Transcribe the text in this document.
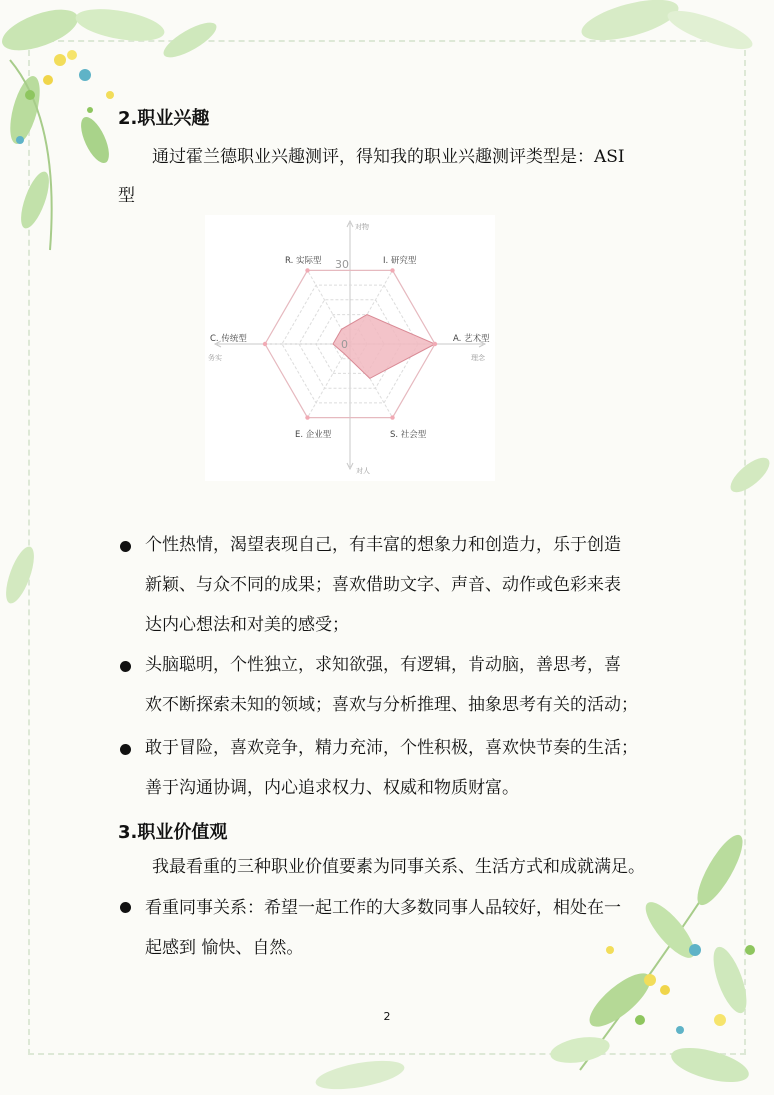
2.职业兴趣
通过霍兰德职业兴趣测评，得知我的职业兴趣测评类型是：ASI
型
A. 艺术型
S. 社会型
E. 企业型
C. 传统型
R. 实际型	I. 研究型
0
30
对物
对人
务实	理念
个性热情，渴望表现自己，有丰富的想象力和创造力，乐于创造
新颖、与众不同的成果；喜欢借助文字、声音、动作或色彩来表
达内心想法和对美的感受；
头脑聪明，个性独立，求知欲强，有逻辑，肯动脑，善思考，喜
欢不断探索未知的领域；喜欢与分析推理、抽象思考有关的活动；
敢于冒险，喜欢竞争，精力充沛，个性积极，喜欢快节奏的生活；
善于沟通协调，内心追求权力、权威和物质财富。
3.职业价值观
我最看重的三种职业价值要素为同事关系、生活方式和成就满足。
看重同事关系：希望一起工作的大多数同事人品较好，相处在一
起感到 愉快、自然。
2
